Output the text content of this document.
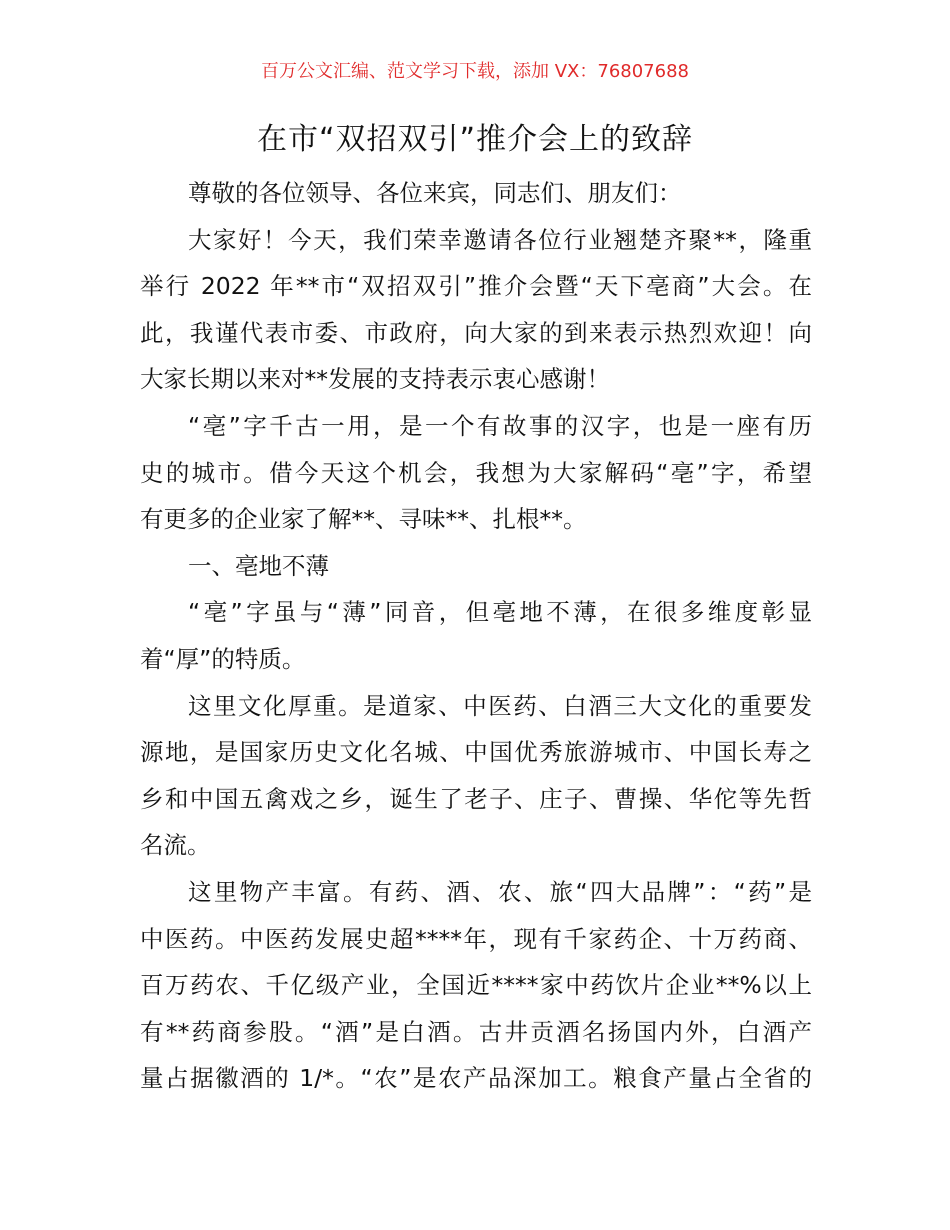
百万公文汇编、范文学习下载，添加 VX：76807688
在市“双招双引”推介会上的致辞
尊敬的各位领导、各位来宾，同志们、朋友们：
大家好！今天，我们荣幸邀请各位行业翘楚齐聚**，隆重
举行 2022 年**市“双招双引”推介会暨“天下亳商”大会。在
此，我谨代表市委、市政府，向大家的到来表示热烈欢迎！向
大家长期以来对**发展的支持表示衷心感谢！
“亳”字千古一用，是一个有故事的汉字，也是一座有历
史的城市。借今天这个机会，我想为大家解码“亳”字，希望
有更多的企业家了解**、寻味**、扎根**。
一、亳地不薄
“亳”字虽与“薄”同音，但亳地不薄，在很多维度彰显
着“厚”的特质。
这里文化厚重。是道家、中医药、白酒三大文化的重要发
源地，是国家历史文化名城、中国优秀旅游城市、中国长寿之
乡和中国五禽戏之乡，诞生了老子、庄子、曹操、华佗等先哲
名流。
这里物产丰富。有药、酒、农、旅“四大品牌”：“药”是
中医药。中医药发展史超****年，现有千家药企、十万药商、
百万药农、千亿级产业，全国近****家中药饮片企业**%以上
有**药商参股。“酒”是白酒。古井贡酒名扬国内外，白酒产
量占据徽酒的 1/*。“农”是农产品深加工。粮食产量占全省的
